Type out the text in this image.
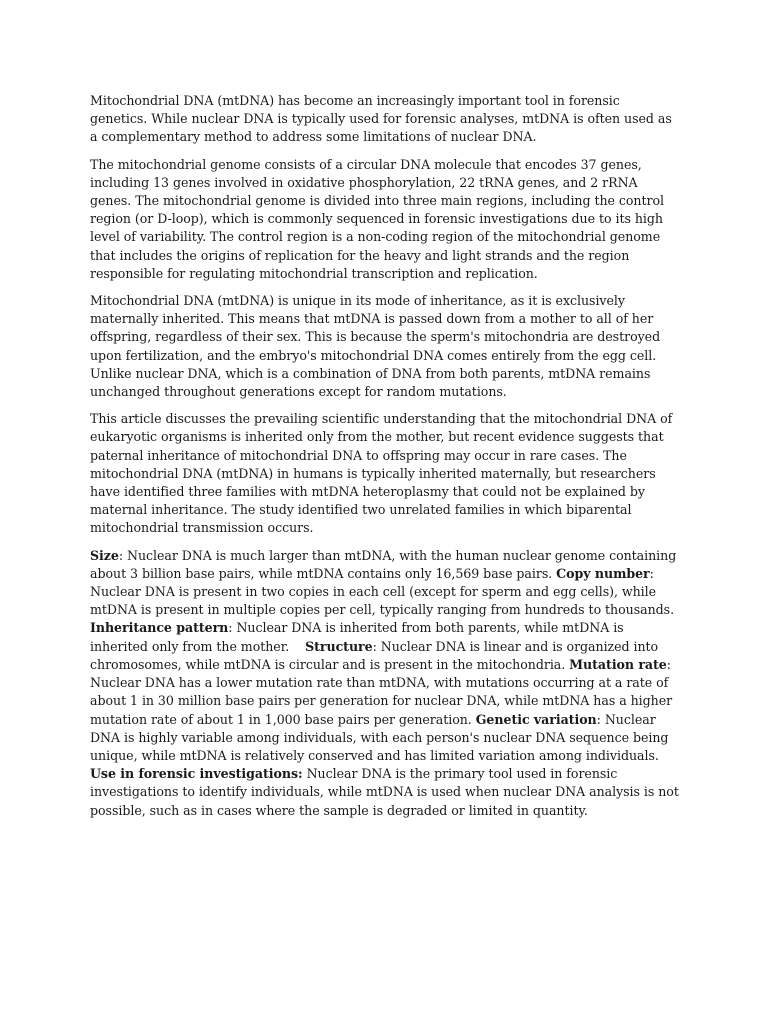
Mitochondrial DNA (mtDNA) has become an increasingly important tool in forensic genetics. While nuclear DNA is typically used for forensic analyses, mtDNA is often used as a complementary method to address some limitations of nuclear DNA.

The mitochondrial genome consists of a circular DNA molecule that encodes 37 genes, including 13 genes involved in oxidative phosphorylation, 22 tRNA genes, and 2 rRNA genes. The mitochondrial genome is divided into three main regions, including the control region (or D-loop), which is commonly sequenced in forensic investigations due to its high level of variability. The control region is a non-coding region of the mitochondrial genome that includes the origins of replication for the heavy and light strands and the region responsible for regulating mitochondrial transcription and replication.

Mitochondrial DNA (mtDNA) is unique in its mode of inheritance, as it is exclusively maternally inherited. This means that mtDNA is passed down from a mother to all of her offspring, regardless of their sex. This is because the sperm's mitochondria are destroyed upon fertilization, and the embryo's mitochondrial DNA comes entirely from the egg cell. Unlike nuclear DNA, which is a combination of DNA from both parents, mtDNA remains unchanged throughout generations except for random mutations.

This article discusses the prevailing scientific understanding that the mitochondrial DNA of eukaryotic organisms is inherited only from the mother, but recent evidence suggests that paternal inheritance of mitochondrial DNA to offspring may occur in rare cases. The mitochondrial DNA (mtDNA) in humans is typically inherited maternally, but researchers have identified three families with mtDNA heteroplasmy that could not be explained by maternal inheritance. The study identified two unrelated families in which biparental mitochondrial transmission occurs.

Size: Nuclear DNA is much larger than mtDNA, with the human nuclear genome containing about 3 billion base pairs, while mtDNA contains only 16,569 base pairs. Copy number: Nuclear DNA is present in two copies in each cell (except for sperm and egg cells), while mtDNA is present in multiple copies per cell, typically ranging from hundreds to thousands. Inheritance pattern: Nuclear DNA is inherited from both parents, while mtDNA is inherited only from the mother.    Structure: Nuclear DNA is linear and is organized into chromosomes, while mtDNA is circular and is present in the mitochondria. Mutation rate: Nuclear DNA has a lower mutation rate than mtDNA, with mutations occurring at a rate of about 1 in 30 million base pairs per generation for nuclear DNA, while mtDNA has a higher mutation rate of about 1 in 1,000 base pairs per generation. Genetic variation: Nuclear DNA is highly variable among individuals, with each person's nuclear DNA sequence being unique, while mtDNA is relatively conserved and has limited variation among individuals. Use in forensic investigations: Nuclear DNA is the primary tool used in forensic investigations to identify individuals, while mtDNA is used when nuclear DNA analysis is not possible, such as in cases where the sample is degraded or limited in quantity.
